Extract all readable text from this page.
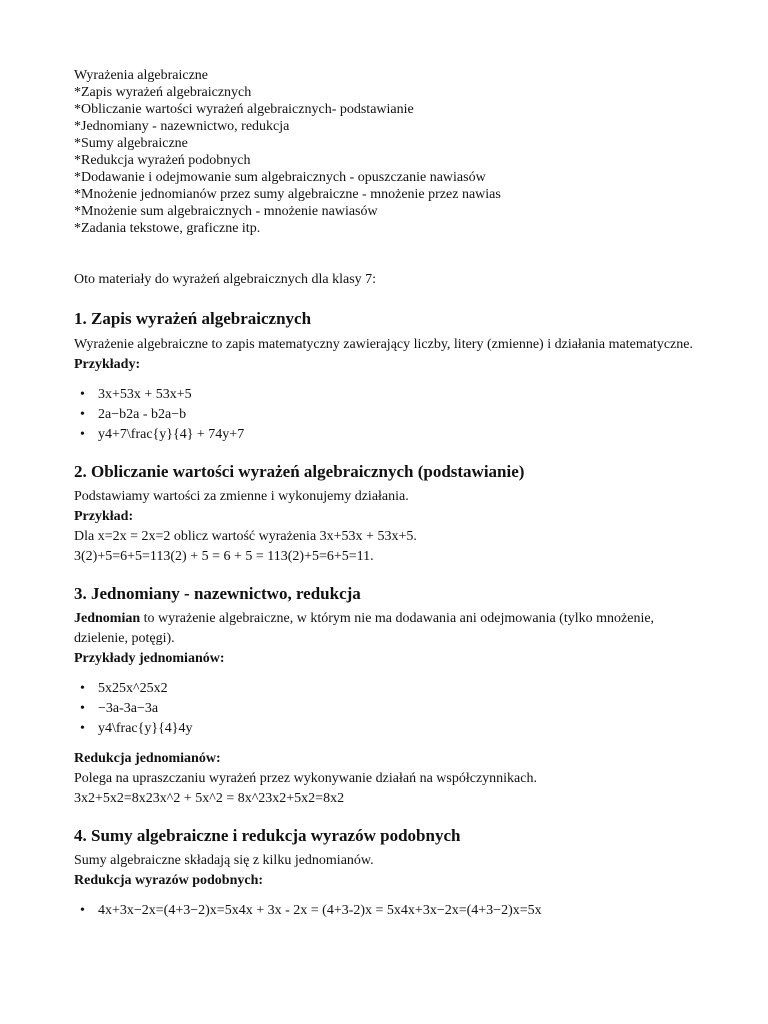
Wyrażenia algebraiczne

*Zapis wyrażeń algebraicznych

*Obliczanie wartości wyrażeń algebraicznych- podstawianie

*Jednomiany - nazewnictwo, redukcja

*Sumy algebraiczne

*Redukcja wyrażeń podobnych

*Dodawanie i odejmowanie sum algebraicznych - opuszczanie nawiasów

*Mnożenie jednomianów przez sumy algebraiczne - mnożenie przez nawias

*Mnożenie sum algebraicznych - mnożenie nawiasów

*Zadania tekstowe, graficzne itp.

Oto materiały do wyrażeń algebraicznych dla klasy 7:

1. Zapis wyrażeń algebraicznych

Wyrażenie algebraiczne to zapis matematyczny zawierający liczby, litery (zmienne) i działania matematyczne.

Przykłady:

• 3x+53x + 53x+5
• 2a−b2a - b2a−b
• y4+7\frac{y}{4} + 74y+7
2. Obliczanie wartości wyrażeń algebraicznych (podstawianie)

Podstawiamy wartości za zmienne i wykonujemy działania.

Przykład:

Dla x=2x = 2x=2 oblicz wartość wyrażenia 3x+53x + 53x+5.

3(2)+5=6+5=113(2) + 5 = 6 + 5 = 113(2)+5=6+5=11.

3. Jednomiany - nazewnictwo, redukcja

Jednomian to wyrażenie algebraiczne, w którym nie ma dodawania ani odejmowania (tylko mnożenie, dzielenie, potęgi).

Przykłady jednomianów:

• 5x25x^25x2
• −3a-3a−3a
• y4\frac{y}{4}4y

Redukcja jednomianów:

Polega na upraszczaniu wyrażeń przez wykonywanie działań na współczynnikach.

3x2+5x2=8x23x^2 + 5x^2 = 8x^23x2+5x2=8x2

4. Sumy algebraiczne i redukcja wyrazów podobnych

Sumy algebraiczne składają się z kilku jednomianów.

Redukcja wyrazów podobnych:

• 4x+3x−2x=(4+3−2)x=5x4x + 3x - 2x = (4+3-2)x = 5x4x+3x−2x=(4+3−2)x=5x
